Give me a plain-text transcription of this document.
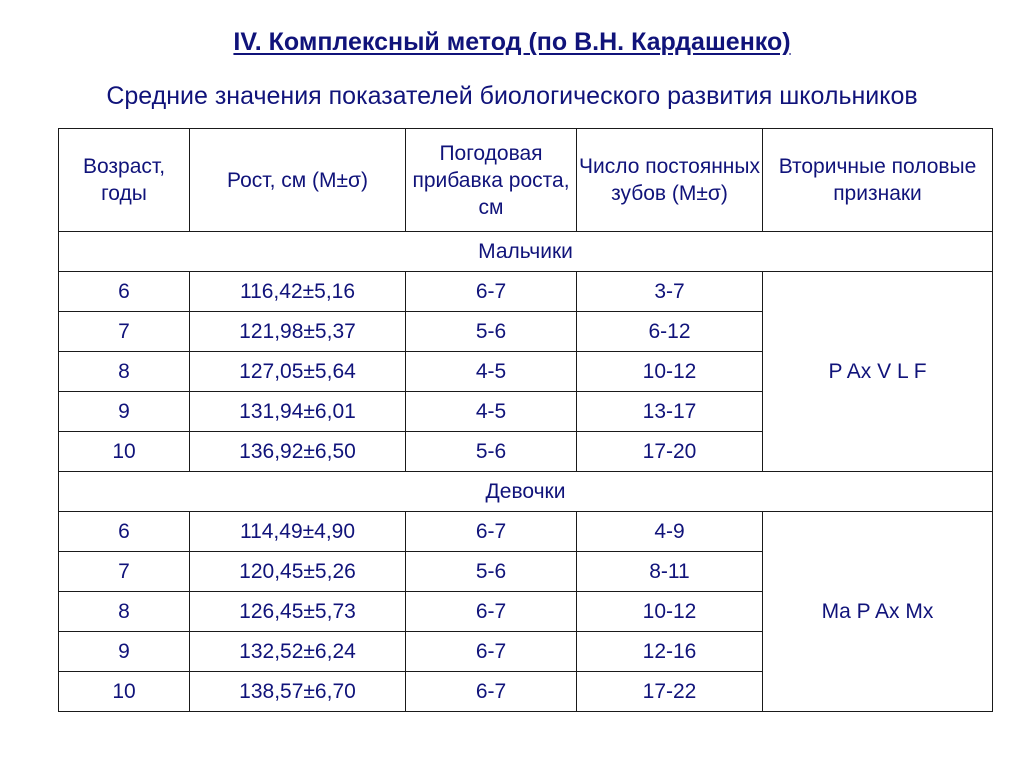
IV. Комплексный метод (по В.Н. Кардашенко)
Средние значения показателей биологического развития школьников
Возраст, годы	Рост, см (М±σ)	Погодовая прибавка роста, см	Число постоянных зубов (М±σ)	Вторичные половые признаки
Мальчики				
6	116,42±5,16	6-7	3-7	P Ax V L F
7	121,98±5,37	5-6	6-12	
8	127,05±5,64	4-5	10-12	
9	131,94±6,01	4-5	13-17	
10	136,92±6,50	5-6	17-20	
Девочки				
6	114,49±4,90	6-7	4-9	Ma P Ax Mx
7	120,45±5,26	5-6	8-11	
8	126,45±5,73	6-7	10-12	
9	132,52±6,24	6-7	12-16	
10	138,57±6,70	6-7	17-22	
